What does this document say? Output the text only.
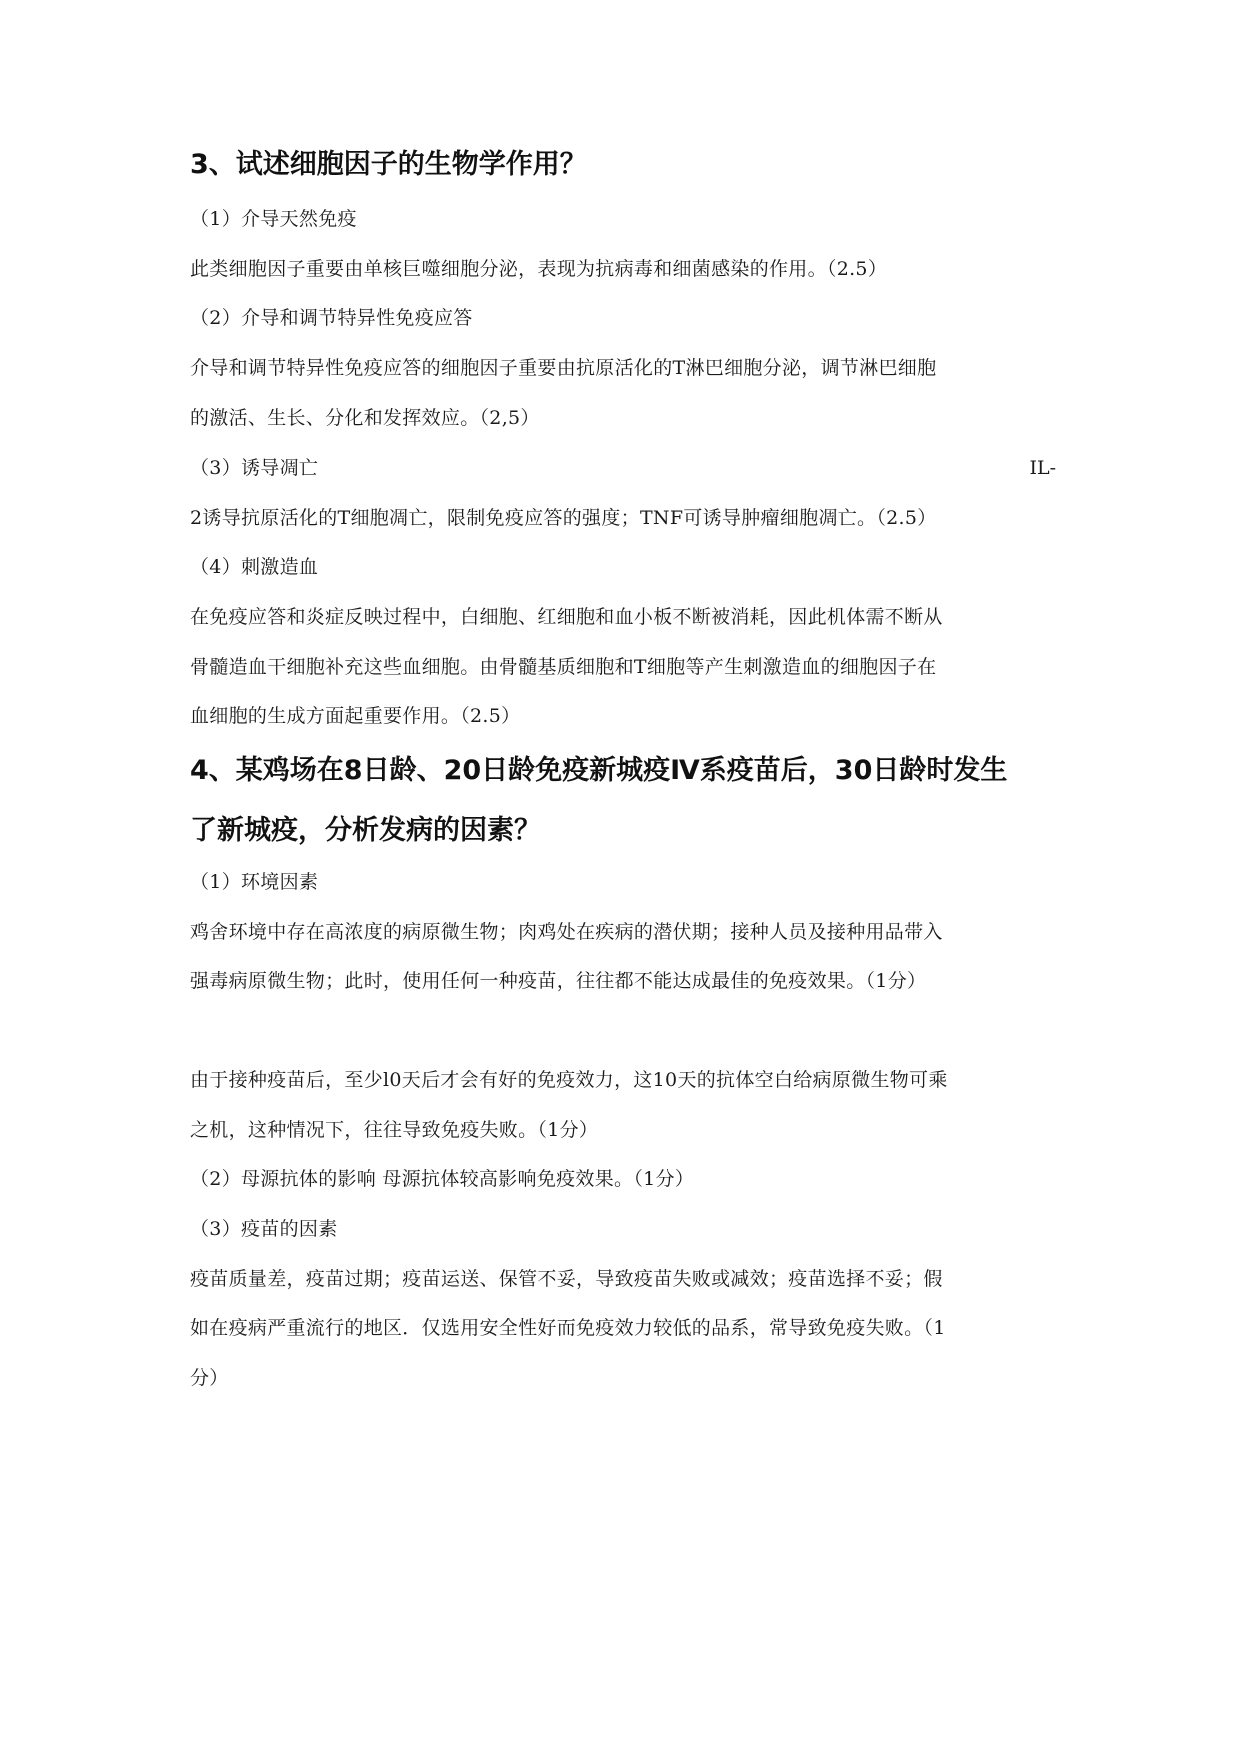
3、试述细胞因子的生物学作用？
（1）介导天然免疫
此类细胞因子重要由单核巨噬细胞分泌，表现为抗病毒和细菌感染的作用。（2.5）
（2）介导和调节特异性免疫应答
介导和调节特异性免疫应答的细胞因子重要由抗原活化的T淋巴细胞分泌，调节淋巴细胞
的激活、生长、分化和发挥效应。（2,5）
（3）诱导凋亡	IL-
2诱导抗原活化的T细胞凋亡，限制免疫应答的强度；TNF可诱导肿瘤细胞凋亡。（2.5）
（4）刺激造血
在免疫应答和炎症反映过程中，白细胞、红细胞和血小板不断被消耗，因此机体需不断从
骨髓造血干细胞补充这些血细胞。由骨髓基质细胞和T细胞等产生刺激造血的细胞因子在
血细胞的生成方面起重要作用。（2.5）
4、某鸡场在8日龄、20日龄免疫新城疫Ⅳ系疫苗后，30日龄时发生
了新城疫，分析发病的因素？
（1）环境因素
鸡舍环境中存在高浓度的病原微生物；肉鸡处在疾病的潜伏期；接种人员及接种用品带入
强毒病原微生物；此时，使用任何一种疫苗，往往都不能达成最佳的免疫效果。（1分）
由于接种疫苗后，至少l0天后才会有好的免疫效力，这10天的抗体空白给病原微生物可乘
之机，这种情况下，往往导致免疫失败。（1分）
（2）母源抗体的影响 母源抗体较高影响免疫效果。（1分）
（3）疫苗的因素
疫苗质量差，疫苗过期；疫苗运送、保管不妥，导致疫苗失败或减效；疫苗选择不妥；假
如在疫病严重流行的地区．仅选用安全性好而免疫效力较低的品系，常导致免疫失败。（1
分）
